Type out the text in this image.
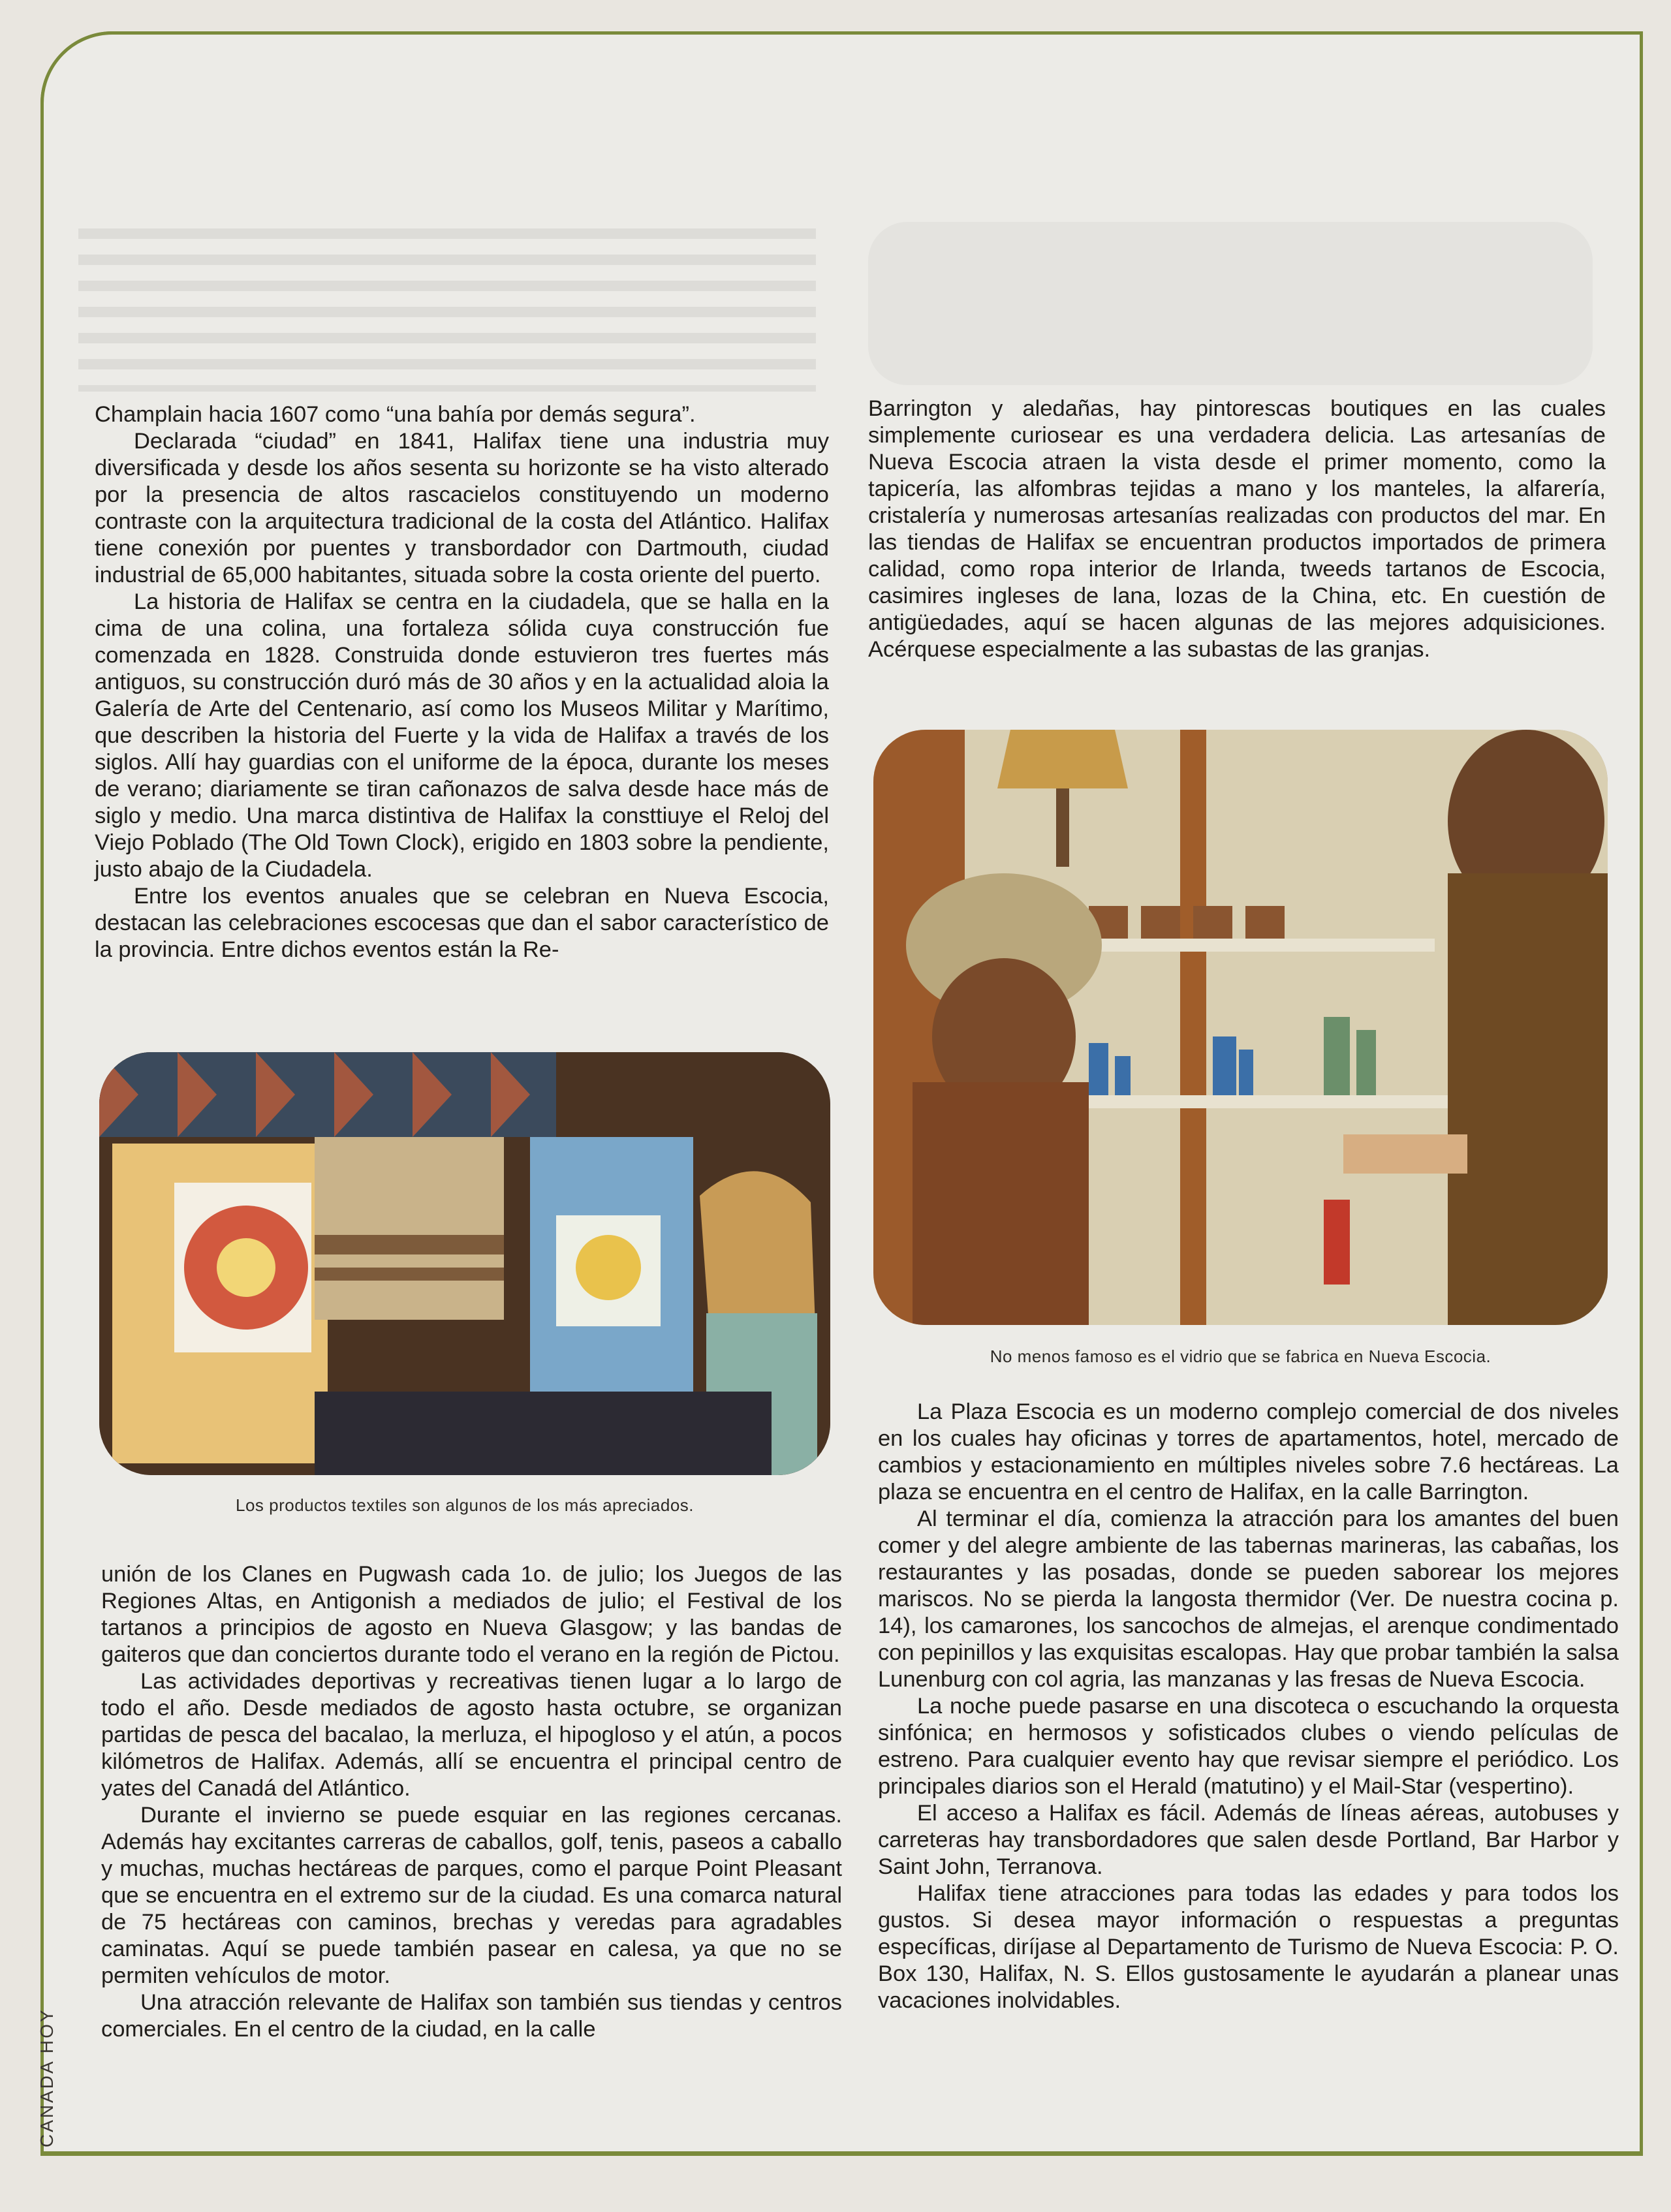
Champlain hacia 1607 como “una bahía por demás segura”.

Declarada “ciudad” en 1841, Halifax tiene una industria muy diversificada y desde los años sesenta su horizonte se ha visto alterado por la presencia de altos rascacielos constituyendo un moderno contraste con la arquitectura tradicional de la costa del Atlántico. Halifax tiene conexión por puentes y transbordador con Dartmouth, ciudad industrial de 65,000 habitantes, situada sobre la costa oriente del puerto.

La historia de Halifax se centra en la ciudadela, que se halla en la cima de una colina, una fortaleza sólida cuya construcción fue comenzada en 1828. Construida donde estuvieron tres fuertes más antiguos, su construcción duró más de 30 años y en la actualidad aloia la Galería de Arte del Centenario, así como los Museos Militar y Marítimo, que describen la historia del Fuerte y la vida de Halifax a través de los siglos. Allí hay guardias con el uniforme de la época, durante los meses de verano; diariamente se tiran cañonazos de salva desde hace más de siglo y medio. Una marca distintiva de Halifax la consttiuye el Reloj del Viejo Poblado (The Old Town Clock), erigido en 1803 sobre la pendiente, justo abajo de la Ciudadela.

Entre los eventos anuales que se celebran en Nueva Escocia, destacan las celebraciones escocesas que dan el sabor característico de la provincia. Entre dichos eventos están la Re-

Los productos textiles son algunos de los más apreciados.

unión de los Clanes en Pugwash cada 1o. de julio; los Juegos de las Regiones Altas, en Antigonish a mediados de julio; el Festival de los tartanos a principios de agosto en Nueva Glasgow; y las bandas de gaiteros que dan conciertos durante todo el verano en la región de Pictou.

Las actividades deportivas y recreativas tienen lugar a lo largo de todo el año. Desde mediados de agosto hasta octubre, se organizan partidas de pesca del bacalao, la merluza, el hipogloso y el atún, a pocos kilómetros de Halifax. Además, allí se encuentra el principal centro de yates del Canadá del Atlántico.

Durante el invierno se puede esquiar en las regiones cercanas. Además hay excitantes carreras de caballos, golf, tenis, paseos a caballo y muchas, muchas hectáreas de parques, como el parque Point Pleasant que se encuentra en el extremo sur de la ciudad. Es una comarca natural de 75 hectáreas con caminos, brechas y veredas para agradables caminatas. Aquí se puede también pasear en calesa, ya que no se permiten vehículos de motor.

Una atracción relevante de Halifax son también sus tiendas y centros comerciales. En el centro de la ciudad, en la calle

Barrington y aledañas, hay pintorescas boutiques en las cuales simplemente curiosear es una verdadera delicia. Las artesanías de Nueva Escocia atraen la vista desde el primer momento, como la tapicería, las alfombras tejidas a mano y los manteles, la alfarería, cristalería y numerosas artesanías realizadas con productos del mar. En las tiendas de Halifax se encuentran productos importados de primera calidad, como ropa interior de Irlanda, tweeds tartanos de Escocia, casimires ingleses de lana, lozas de la China, etc. En cuestión de antigüedades, aquí se hacen algunas de las mejores adquisiciones. Acérquese especialmente a las subastas de las granjas.

No menos famoso es el vidrio que se fabrica en Nueva Escocia.

La Plaza Escocia es un moderno complejo comercial de dos niveles en los cuales hay oficinas y torres de apartamentos, hotel, mercado de cambios y estacionamiento en múltiples niveles sobre 7.6 hectáreas. La plaza se encuentra en el centro de Halifax, en la calle Barrington.

Al terminar el día, comienza la atracción para los amantes del buen comer y del alegre ambiente de las tabernas marineras, las cabañas, los restaurantes y las posadas, donde se pueden saborear los mejores mariscos. No se pierda la langosta thermidor (Ver. De nuestra cocina p. 14), los camarones, los sancochos de almejas, el arenque condimentado con pepinillos y las exquisitas escalopas. Hay que probar también la salsa Lunenburg con col agria, las manzanas y las fresas de Nueva Escocia.

La noche puede pasarse en una discoteca o escuchando la orquesta sinfónica; en hermosos y sofisticados clubes o viendo películas de estreno. Para cualquier evento hay que revisar siempre el periódico. Los principales diarios son el Herald (matutino) y el Mail-Star (vespertino).

El acceso a Halifax es fácil. Además de líneas aéreas, autobuses y carreteras hay transbordadores que salen desde Portland, Bar Harbor y Saint John, Terranova.

Halifax tiene atracciones para todas las edades y para todos los gustos. Si desea mayor información o respuestas a preguntas específicas, diríjase al Departamento de Turismo de Nueva Escocia: P. O. Box 130, Halifax, N. S. Ellos gustosamente le ayudarán a planear unas vacaciones inolvidables.

CANADA HOY
